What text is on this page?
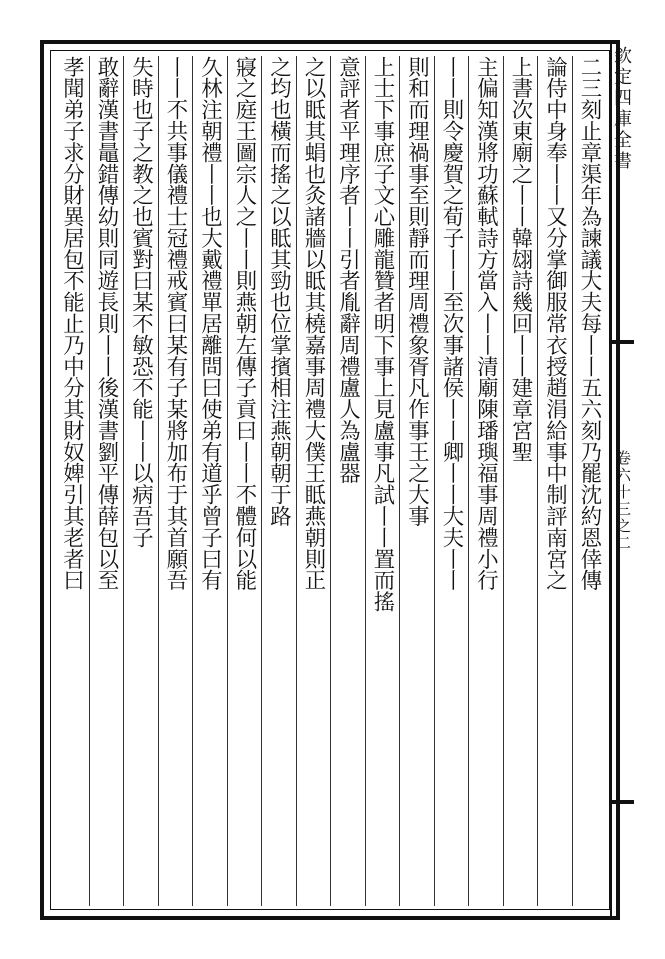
欽定四庫全書
卷六十三之二
二三刻止章渠年為諫議大夫每丨丨五六刻乃罷沈約恩倖傳
論侍中身奉丨丨又分掌御服常衣授趙涓給事中制評南宮之
上書次東廟之丨丨韓翃詩幾回丨丨建章宮聖
主偏知漢將功蘇軾詩方當入丨丨清廟陳璠璵福事周禮小行
丨丨則令慶賀之荀子丨丨至次事諸侯丨丨卿丨丨大夫丨丨
則和而理禍事至則靜而理周禮象胥凡作事王之大事
上士下事庶子文心雕龍贊者明下事上見盧事凡試丨丨置而搖
意評者平理序者丨丨引者胤辭周禮盧人為盧器
之以眡其蜎也灸諸牆以眡其橈嘉事周禮大僕王眡燕朝則正
之均也橫而搖之以眡其勁也位掌擯相注燕朝朝于路
寢之庭王圖宗人之丨丨則燕朝左傳子貢曰丨丨不體何以能
久林注朝禮丨丨也大戴禮單居離問曰使弟有道乎曾子曰有
丨丨不共事儀禮士冠禮戒賓曰某有子某將加布于其首願吾
失時也子之教之也賓對曰某不敏恐不能丨丨以病吾子
敢辭漢書鼂錯傳幼則同遊長則丨丨後漢書劉平傳薛包以至
孝聞弟子求分財異居包不能止乃中分其財奴婢引其老者曰
